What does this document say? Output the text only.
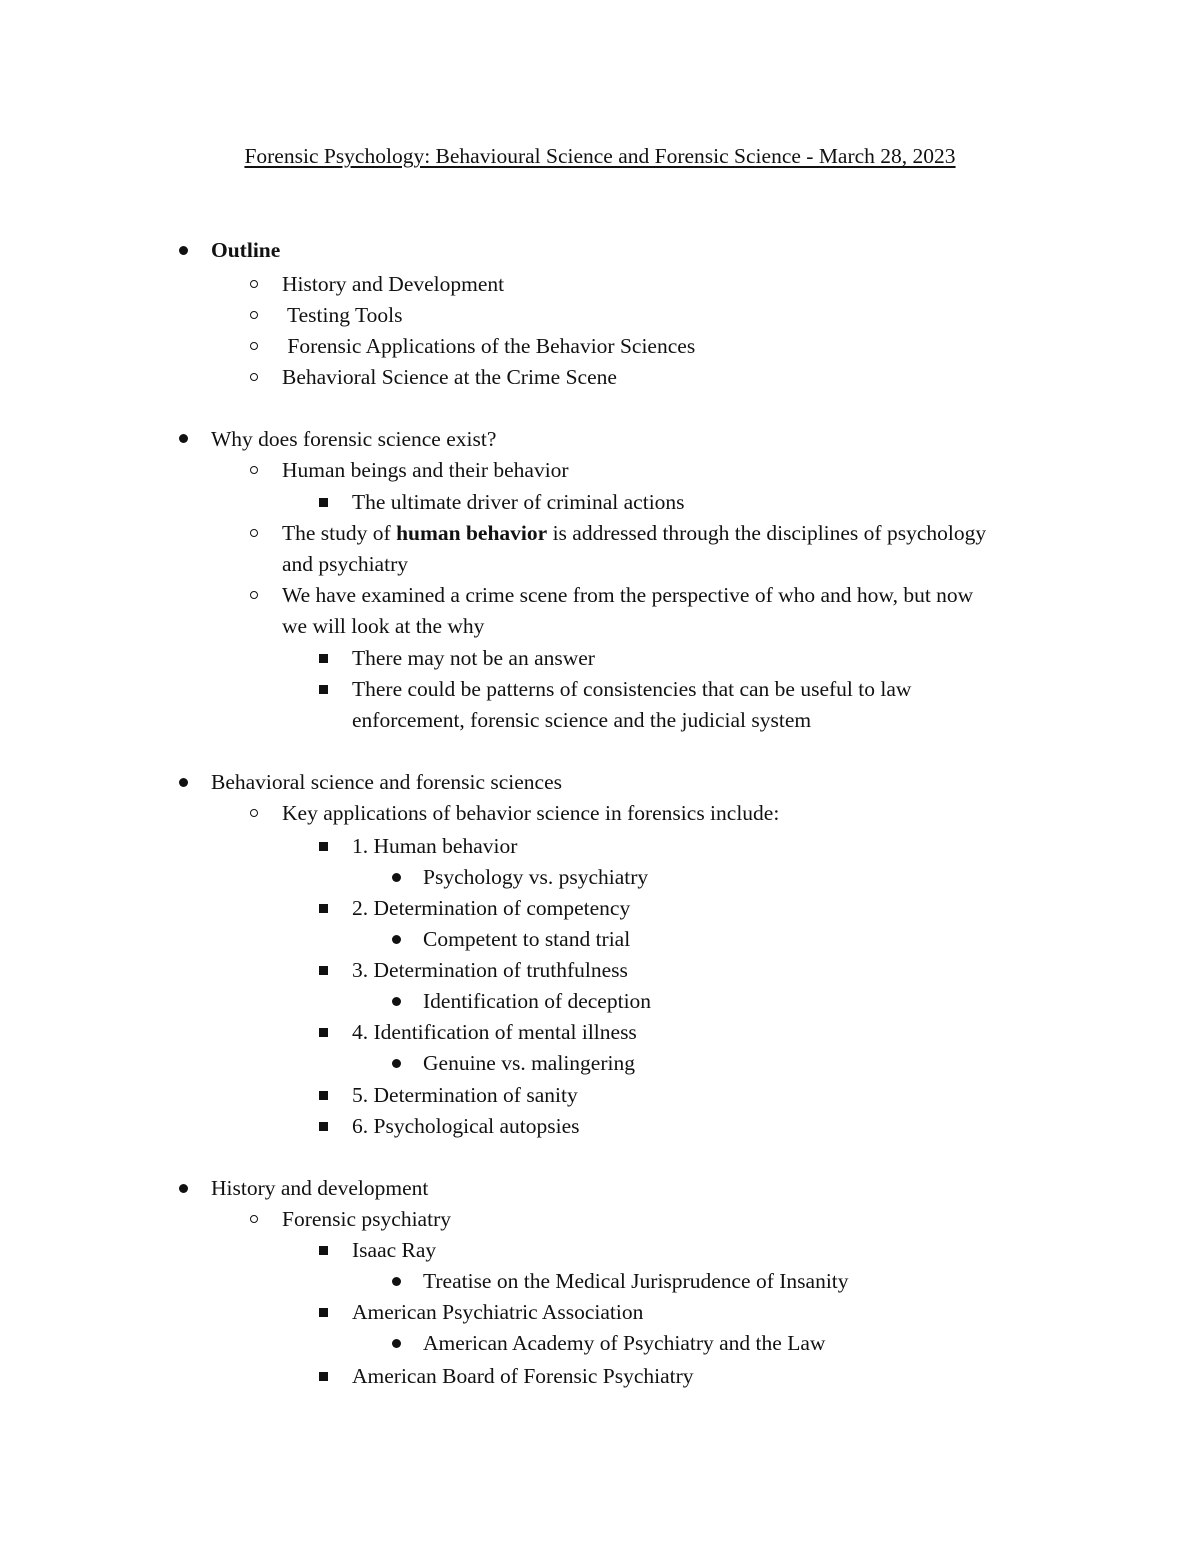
Forensic Psychology: Behavioural Science and Forensic Science - March 28, 2023
Outline
History and Development
Testing Tools
Forensic Applications of the Behavior Sciences
Behavioral Science at the Crime Scene
Why does forensic science exist?
Human beings and their behavior
The ultimate driver of criminal actions
The study of human behavior is addressed through the disciplines of psychology
and psychiatry
We have examined a crime scene from the perspective of who and how, but now
we will look at the why
There may not be an answer
There could be patterns of consistencies that can be useful to law
enforcement, forensic science and the judicial system
Behavioral science and forensic sciences
Key applications of behavior science in forensics include:
1. Human behavior
Psychology vs. psychiatry
2. Determination of competency
Competent to stand trial
3. Determination of truthfulness
Identification of deception
4. Identification of mental illness
Genuine vs. malingering
5. Determination of sanity
6. Psychological autopsies
History and development
Forensic psychiatry
Isaac Ray
Treatise on the Medical Jurisprudence of Insanity
American Psychiatric Association
American Academy of Psychiatry and the Law
American Board of Forensic Psychiatry
